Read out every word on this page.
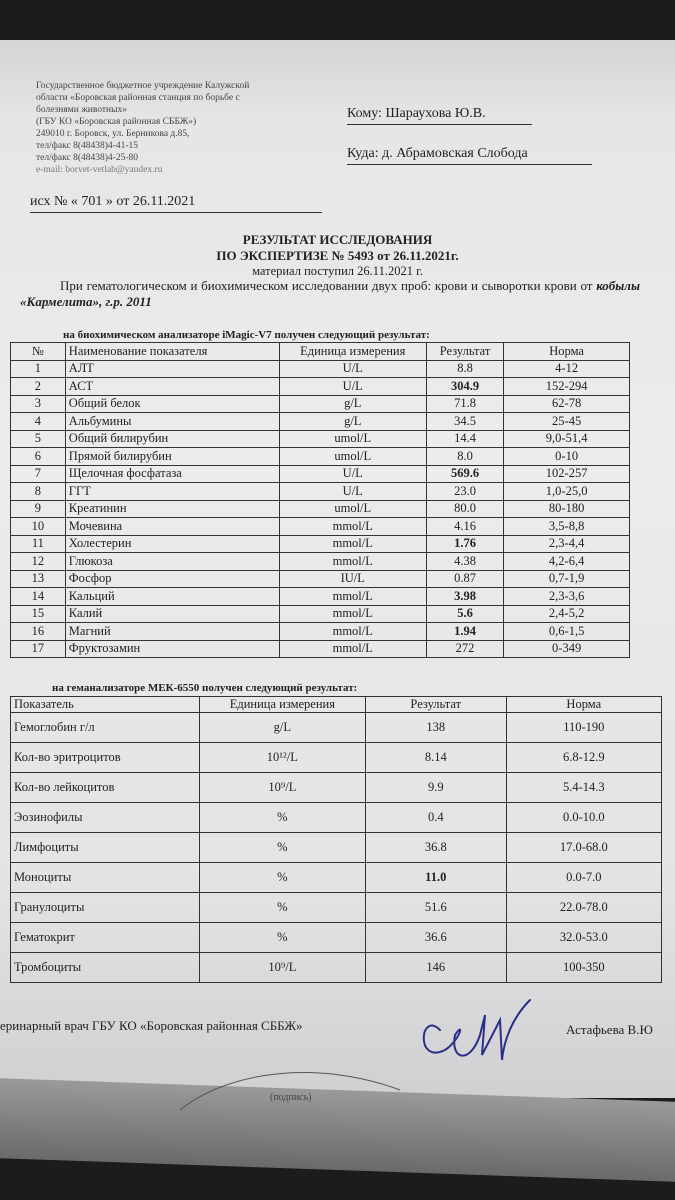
Государственное бюджетное учреждение Калужской
области «Боровская районная станция по борьбе с
болезнями животных»
(ГБУ КО «Боровская районная СББЖ»)
249010 г. Боровск, ул. Берникова д.85,
тел/факс 8(48438)4-41-15
тел/факс 8(48438)4-25-80
e-mail: borvet-vetlab@yandex.ru
Кому: Шараухова Ю.В.
Куда: д. Абрамовская Слобода
исх № « 701 » от 26.11.2021
РЕЗУЛЬТАТ ИССЛЕДОВАНИЯ
ПО ЭКСПЕРТИЗЕ № 5493 от 26.11.2021г.
материал поступил 26.11.2021 г.
При гематологическом и биохимическом исследовании двух проб: крови и сыворотки крови от кобылы «Кармелита», г.р. 2011
на биохимическом анализаторе iMagic-V7 получен следующий результат:
№	Наименование показателя	Единица измерения	Результат	Норма
1	АЛТ	U/L	8.8	4-12
2	АСТ	U/L	304.9	152-294
3	Общий белок	g/L	71.8	62-78
4	Альбумины	g/L	34.5	25-45
5	Общий билирубин	umol/L	14.4	9,0-51,4
6	Прямой билирубин	umol/L	8.0	0-10
7	Щелочная фосфатаза	U/L	569.6	102-257
8	ГГТ	U/L	23.0	1,0-25,0
9	Креатинин	umol/L	80.0	80-180
10	Мочевина	mmol/L	4.16	3,5-8,8
11	Холестерин	mmol/L	1.76	2,3-4,4
12	Глюкоза	mmol/L	4.38	4,2-6,4
13	Фосфор	IU/L	0.87	0,7-1,9
14	Кальций	mmol/L	3.98	2,3-3,6
15	Калий	mmol/L	5.6	2,4-5,2
16	Магний	mmol/L	1.94	0,6-1,5
17	Фруктозамин	mmol/L	272	0-349
на гемaнализаторе МЕК-6550 получен следующий результат:
Показатель	Единица измерения	Результат	Норма
Гемоглобин г/л	g/L	138	110-190
Кол-во эритроцитов	10¹²/L	8.14	6.8-12.9
Кол-во лейкоцитов	10⁹/L	9.9	5.4-14.3
Эозинофилы	%	0.4	0.0-10.0
Лимфоциты	%	36.8	17.0-68.0
Моноциты	%	11.0	0.0-7.0
Гранулоциты	%	51.6	22.0-78.0
Гематокрит	%	36.6	32.0-53.0
Тромбоциты	10⁹/L	146	100-350
еринарный врач ГБУ КО «Боровская районная СББЖ»	Астафьева В.Ю
(подпись)
